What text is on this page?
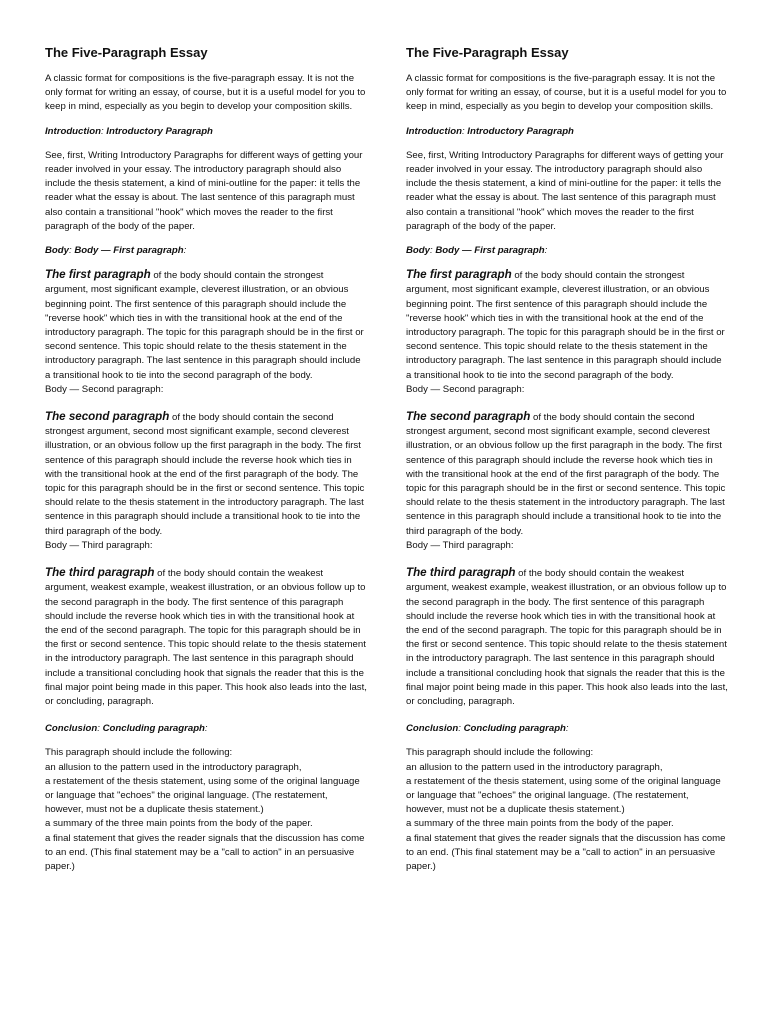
The Five-Paragraph Essay

A classic format for compositions is the five-paragraph essay. It is not the only format for writing an essay, of course, but it is a useful model for you to keep in mind, especially as you begin to develop your composition skills.

Introduction: Introductory Paragraph

See, first, Writing Introductory Paragraphs for different ways of getting your reader involved in your essay. The introductory paragraph should also include the thesis statement, a kind of mini-outline for the paper: it tells the reader what the essay is about. The last sentence of this paragraph must also contain a transitional "hook" which moves the reader to the first paragraph of the body of the paper.

Body: Body — First paragraph:

The first paragraph of the body should contain the strongest argument, most significant example, cleverest illustration, or an obvious beginning point. The first sentence of this paragraph should include the "reverse hook" which ties in with the transitional hook at the end of the introductory paragraph. The topic for this paragraph should be in the first or second sentence. This topic should relate to the thesis statement in the introductory paragraph. The last sentence in this paragraph should include a transitional hook to tie into the second paragraph of the body.

Body — Second paragraph:

The second paragraph of the body should contain the second strongest argument, second most significant example, second cleverest illustration, or an obvious follow up the first paragraph in the body. The first sentence of this paragraph should include the reverse hook which ties in with the transitional hook at the end of the first paragraph of the body. The topic for this paragraph should be in the first or second sentence. This topic should relate to the thesis statement in the introductory paragraph. The last sentence in this paragraph should include a transitional hook to tie into the third paragraph of the body.

Body — Third paragraph:

The third paragraph of the body should contain the weakest argument, weakest example, weakest illustration, or an obvious follow up to the second paragraph in the body. The first sentence of this paragraph should include the reverse hook which ties in with the transitional hook at the end of the second paragraph. The topic for this paragraph should be in the first or second sentence. This topic should relate to the thesis statement in the introductory paragraph. The last sentence in this paragraph should include a transitional concluding hook that signals the reader that this is the final major point being made in this paper. This hook also leads into the last, or concluding, paragraph.

Conclusion: Concluding paragraph:
This paragraph should include the following:
an allusion to the pattern used in the introductory paragraph,
a restatement of the thesis statement, using some of the original language or language that "echoes" the original language. (The restatement, however, must not be a duplicate thesis statement.)
a summary of the three main points from the body of the paper.
a final statement that gives the reader signals that the discussion has come to an end. (This final statement may be a "call to action" in an persuasive paper.)
The Five-Paragraph Essay

A classic format for compositions is the five-paragraph essay. It is not the only format for writing an essay, of course, but it is a useful model for you to keep in mind, especially as you begin to develop your composition skills.

Introduction: Introductory Paragraph

See, first, Writing Introductory Paragraphs for different ways of getting your reader involved in your essay. The introductory paragraph should also include the thesis statement, a kind of mini-outline for the paper: it tells the reader what the essay is about. The last sentence of this paragraph must also contain a transitional "hook" which moves the reader to the first paragraph of the body of the paper.

Body: Body — First paragraph:

The first paragraph of the body should contain the strongest argument, most significant example, cleverest illustration, or an obvious beginning point. The first sentence of this paragraph should include the "reverse hook" which ties in with the transitional hook at the end of the introductory paragraph. The topic for this paragraph should be in the first or second sentence. This topic should relate to the thesis statement in the introductory paragraph. The last sentence in this paragraph should include a transitional hook to tie into the second paragraph of the body.

Body — Second paragraph:

The second paragraph of the body should contain the second strongest argument, second most significant example, second cleverest illustration, or an obvious follow up the first paragraph in the body. The first sentence of this paragraph should include the reverse hook which ties in with the transitional hook at the end of the first paragraph of the body. The topic for this paragraph should be in the first or second sentence. This topic should relate to the thesis statement in the introductory paragraph. The last sentence in this paragraph should include a transitional hook to tie into the third paragraph of the body.

Body — Third paragraph:

The third paragraph of the body should contain the weakest argument, weakest example, weakest illustration, or an obvious follow up to the second paragraph in the body. The first sentence of this paragraph should include the reverse hook which ties in with the transitional hook at the end of the second paragraph. The topic for this paragraph should be in the first or second sentence. This topic should relate to the thesis statement in the introductory paragraph. The last sentence in this paragraph should include a transitional concluding hook that signals the reader that this is the final major point being made in this paper. This hook also leads into the last, or concluding, paragraph.

Conclusion: Concluding paragraph:
This paragraph should include the following:
an allusion to the pattern used in the introductory paragraph,
a restatement of the thesis statement, using some of the original language or language that "echoes" the original language. (The restatement, however, must not be a duplicate thesis statement.)
a summary of the three main points from the body of the paper.
a final statement that gives the reader signals that the discussion has come to an end. (This final statement may be a "call to action" in an persuasive paper.)
